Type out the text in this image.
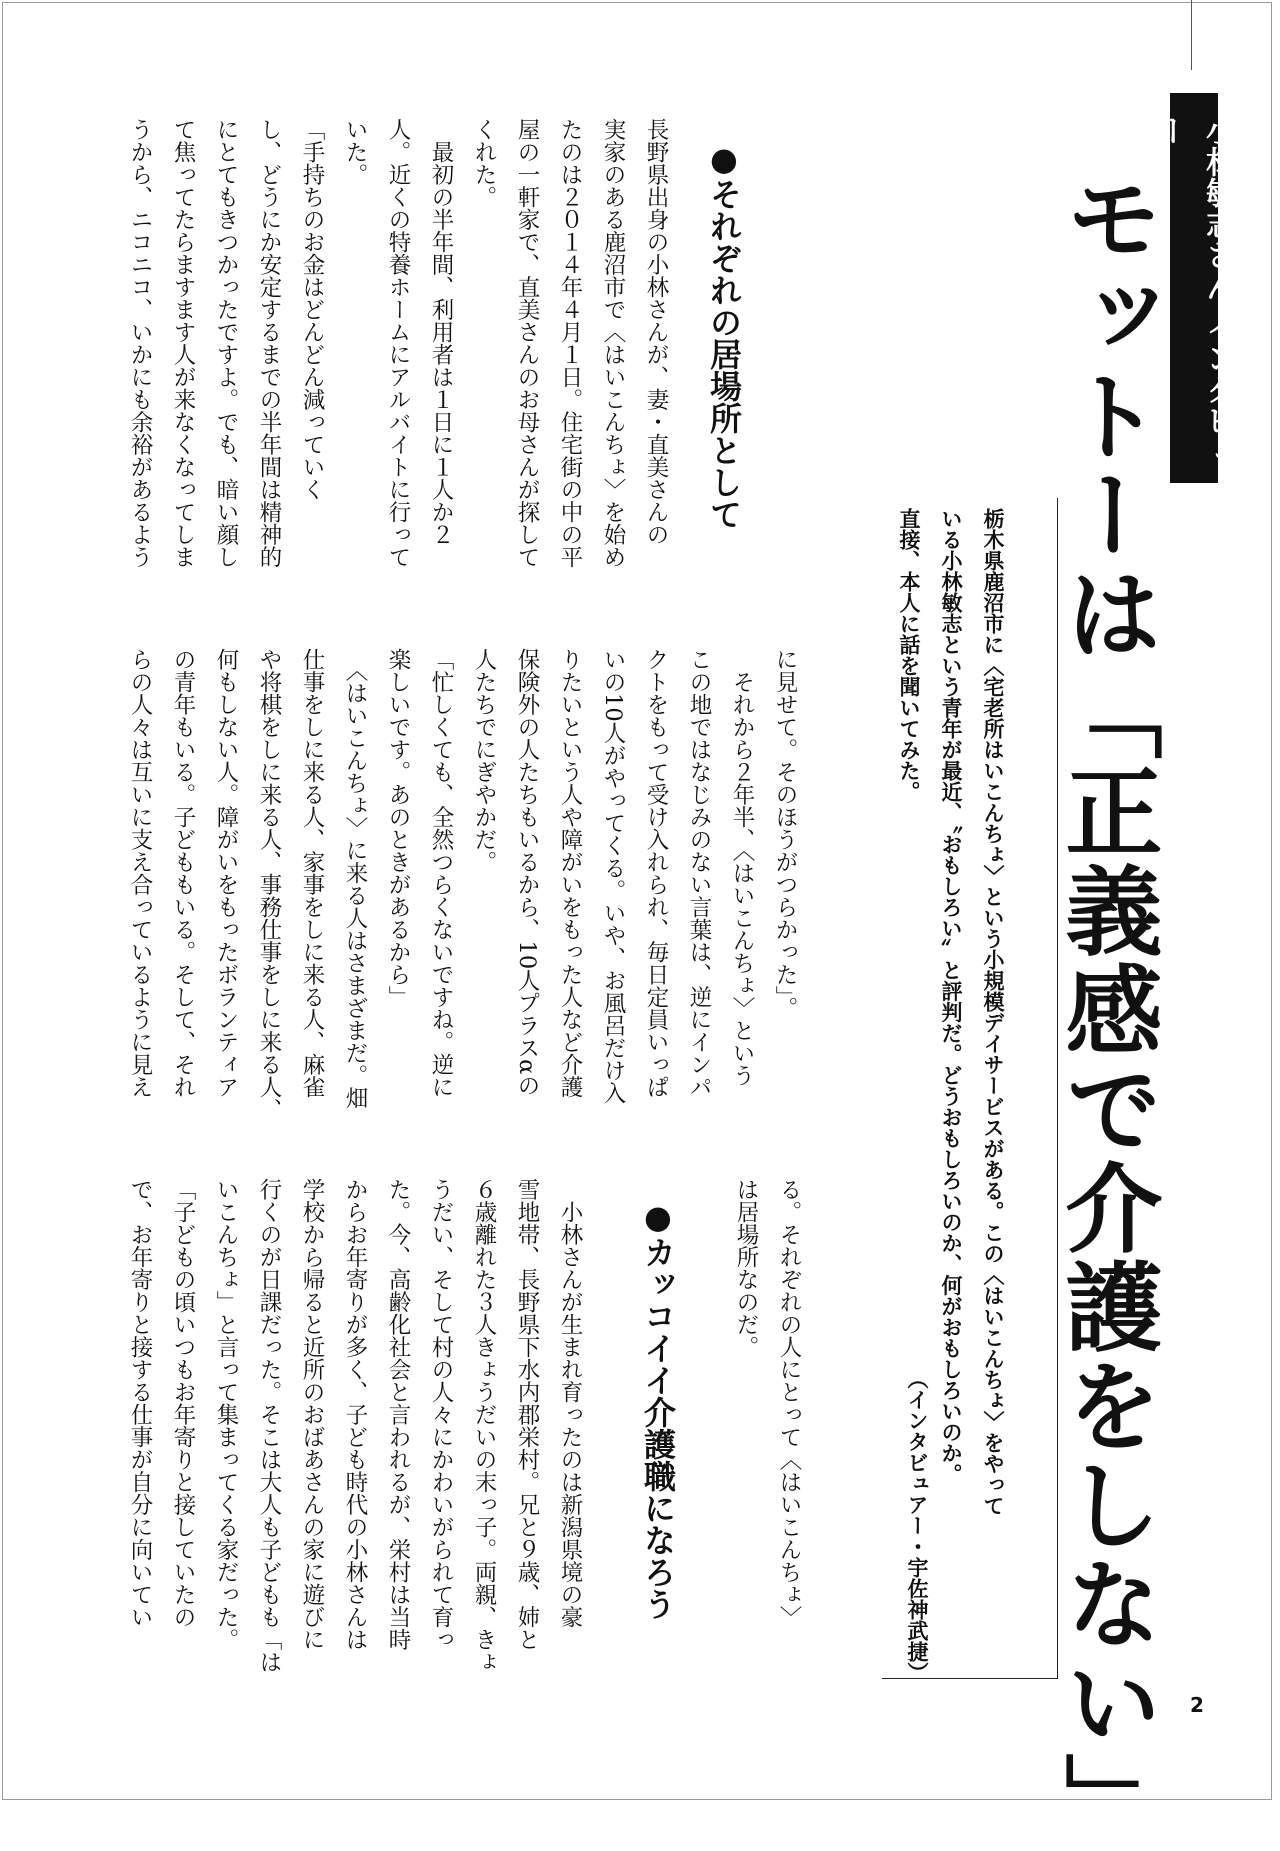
小林敏志さん インタビュー
モットーは「正義感で介護をしない」
栃木県鹿沼市に〈宅老所はいこんちょ〉という小規模デイサービスがある。この〈はいこんちょ〉をやって
いる小林敏志という青年が最近、〝おもしろい〟と評判だ。どうおもしろいのか、何がおもしろいのか。
直接、本人に話を聞いてみた。
（インタビュアー・宇佐神武捷）
●それぞれの居場所として
長野県出身の小林さんが、妻・直美さんの
実家のある鹿沼市で〈はいこんちょ〉を始め
たのは２０１４年４月１日。住宅街の中の平
屋の一軒家で、直美さんのお母さんが探して
くれた。
　最初の半年間、利用者は１日に１人か２
人。近くの特養ホームにアルバイトに行って
いた。
「手持ちのお金はどんどん減っていく
し、どうにか安定するまでの半年間は精神的
にとてもきつかったですよ。でも、暗い顔し
て焦ってたらますます人が来なくなってしま
うから、ニコニコ、いかにも余裕があるよう
に見せて。そのほうがつらかった」。
　それから２年半、〈はいこんちょ〉という
この地ではなじみのない言葉は、逆にインパ
クトをもって受け入れられ、毎日定員いっぱ
いの10人がやってくる。いや、お風呂だけ入
りたいという人や障がいをもった人など介護
保険外の人たちもいるから、10人プラスαの
人たちでにぎやかだ。
「忙しくても、全然つらくないですね。逆に
楽しいです。あのときがあるから」
　〈はいこんちょ〉に来る人はさまざまだ。畑
仕事をしに来る人、家事をしに来る人、麻雀
や将棋をしに来る人、事務仕事をしに来る人、
何もしない人。障がいをもったボランティア
の青年もいる。子どももいる。そして、それ
らの人々は互いに支え合っているように見え
る。それぞれの人にとって〈はいこんちょ〉
は居場所なのだ。
●カッコイイ介護職になろう
　小林さんが生まれ育ったのは新潟県境の豪
雪地帯、長野県下水内郡栄村。兄と９歳、姉と
６歳離れた３人きょうだいの末っ子。両親、きょ
うだい、そして村の人々にかわいがられて育っ
た。今、高齢化社会と言われるが、栄村は当時
からお年寄りが多く、子ども時代の小林さんは
学校から帰ると近所のおばあさんの家に遊びに
行くのが日課だった。そこは大人も子どもも「は
いこんちょ」と言って集まってくる家だった。
「子どもの頃いつもお年寄りと接していたの
で、お年寄りと接する仕事が自分に向いてい
2
